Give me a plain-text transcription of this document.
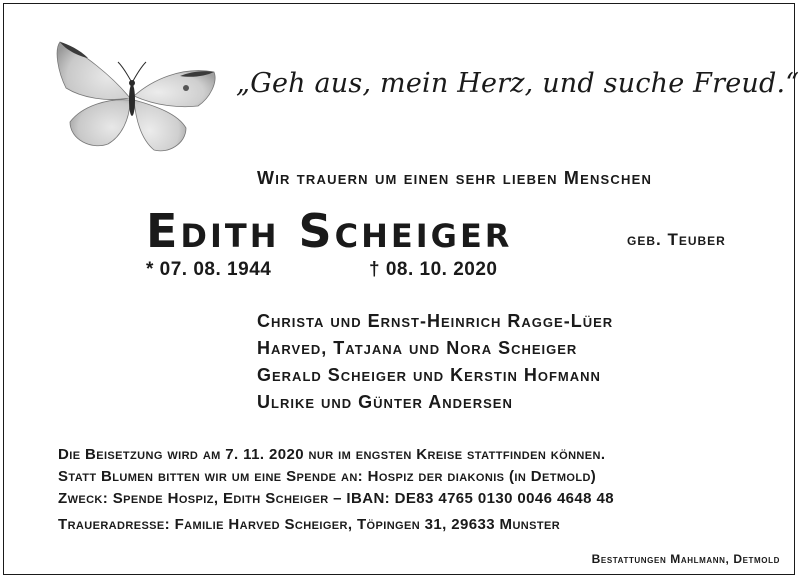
„Geh aus, mein Herz, und suche Freud.“
Wir trauern um einen sehr lieben Menschen
Edith Scheiger	geb. Teuber
* 07. 08. 1944	† 08. 10. 2020
Christa und Ernst-Heinrich Ragge-Lüer
Harved, Tatjana und Nora Scheiger
Gerald Scheiger und Kerstin Hofmann
Ulrike und Günter Andersen
Die Beisetzung wird am 7. 11. 2020 nur im engsten Kreise stattfinden können.
Statt Blumen bitten wir um eine Spende an: Hospiz der diakonis (in Detmold)
Zweck: Spende Hospiz, Edith Scheiger – IBAN: DE83 4765 0130 0046 4648 48
Traueradresse: Familie Harved Scheiger, Töpingen 31, 29633 Munster
Bestattungen Mahlmann, Detmold
